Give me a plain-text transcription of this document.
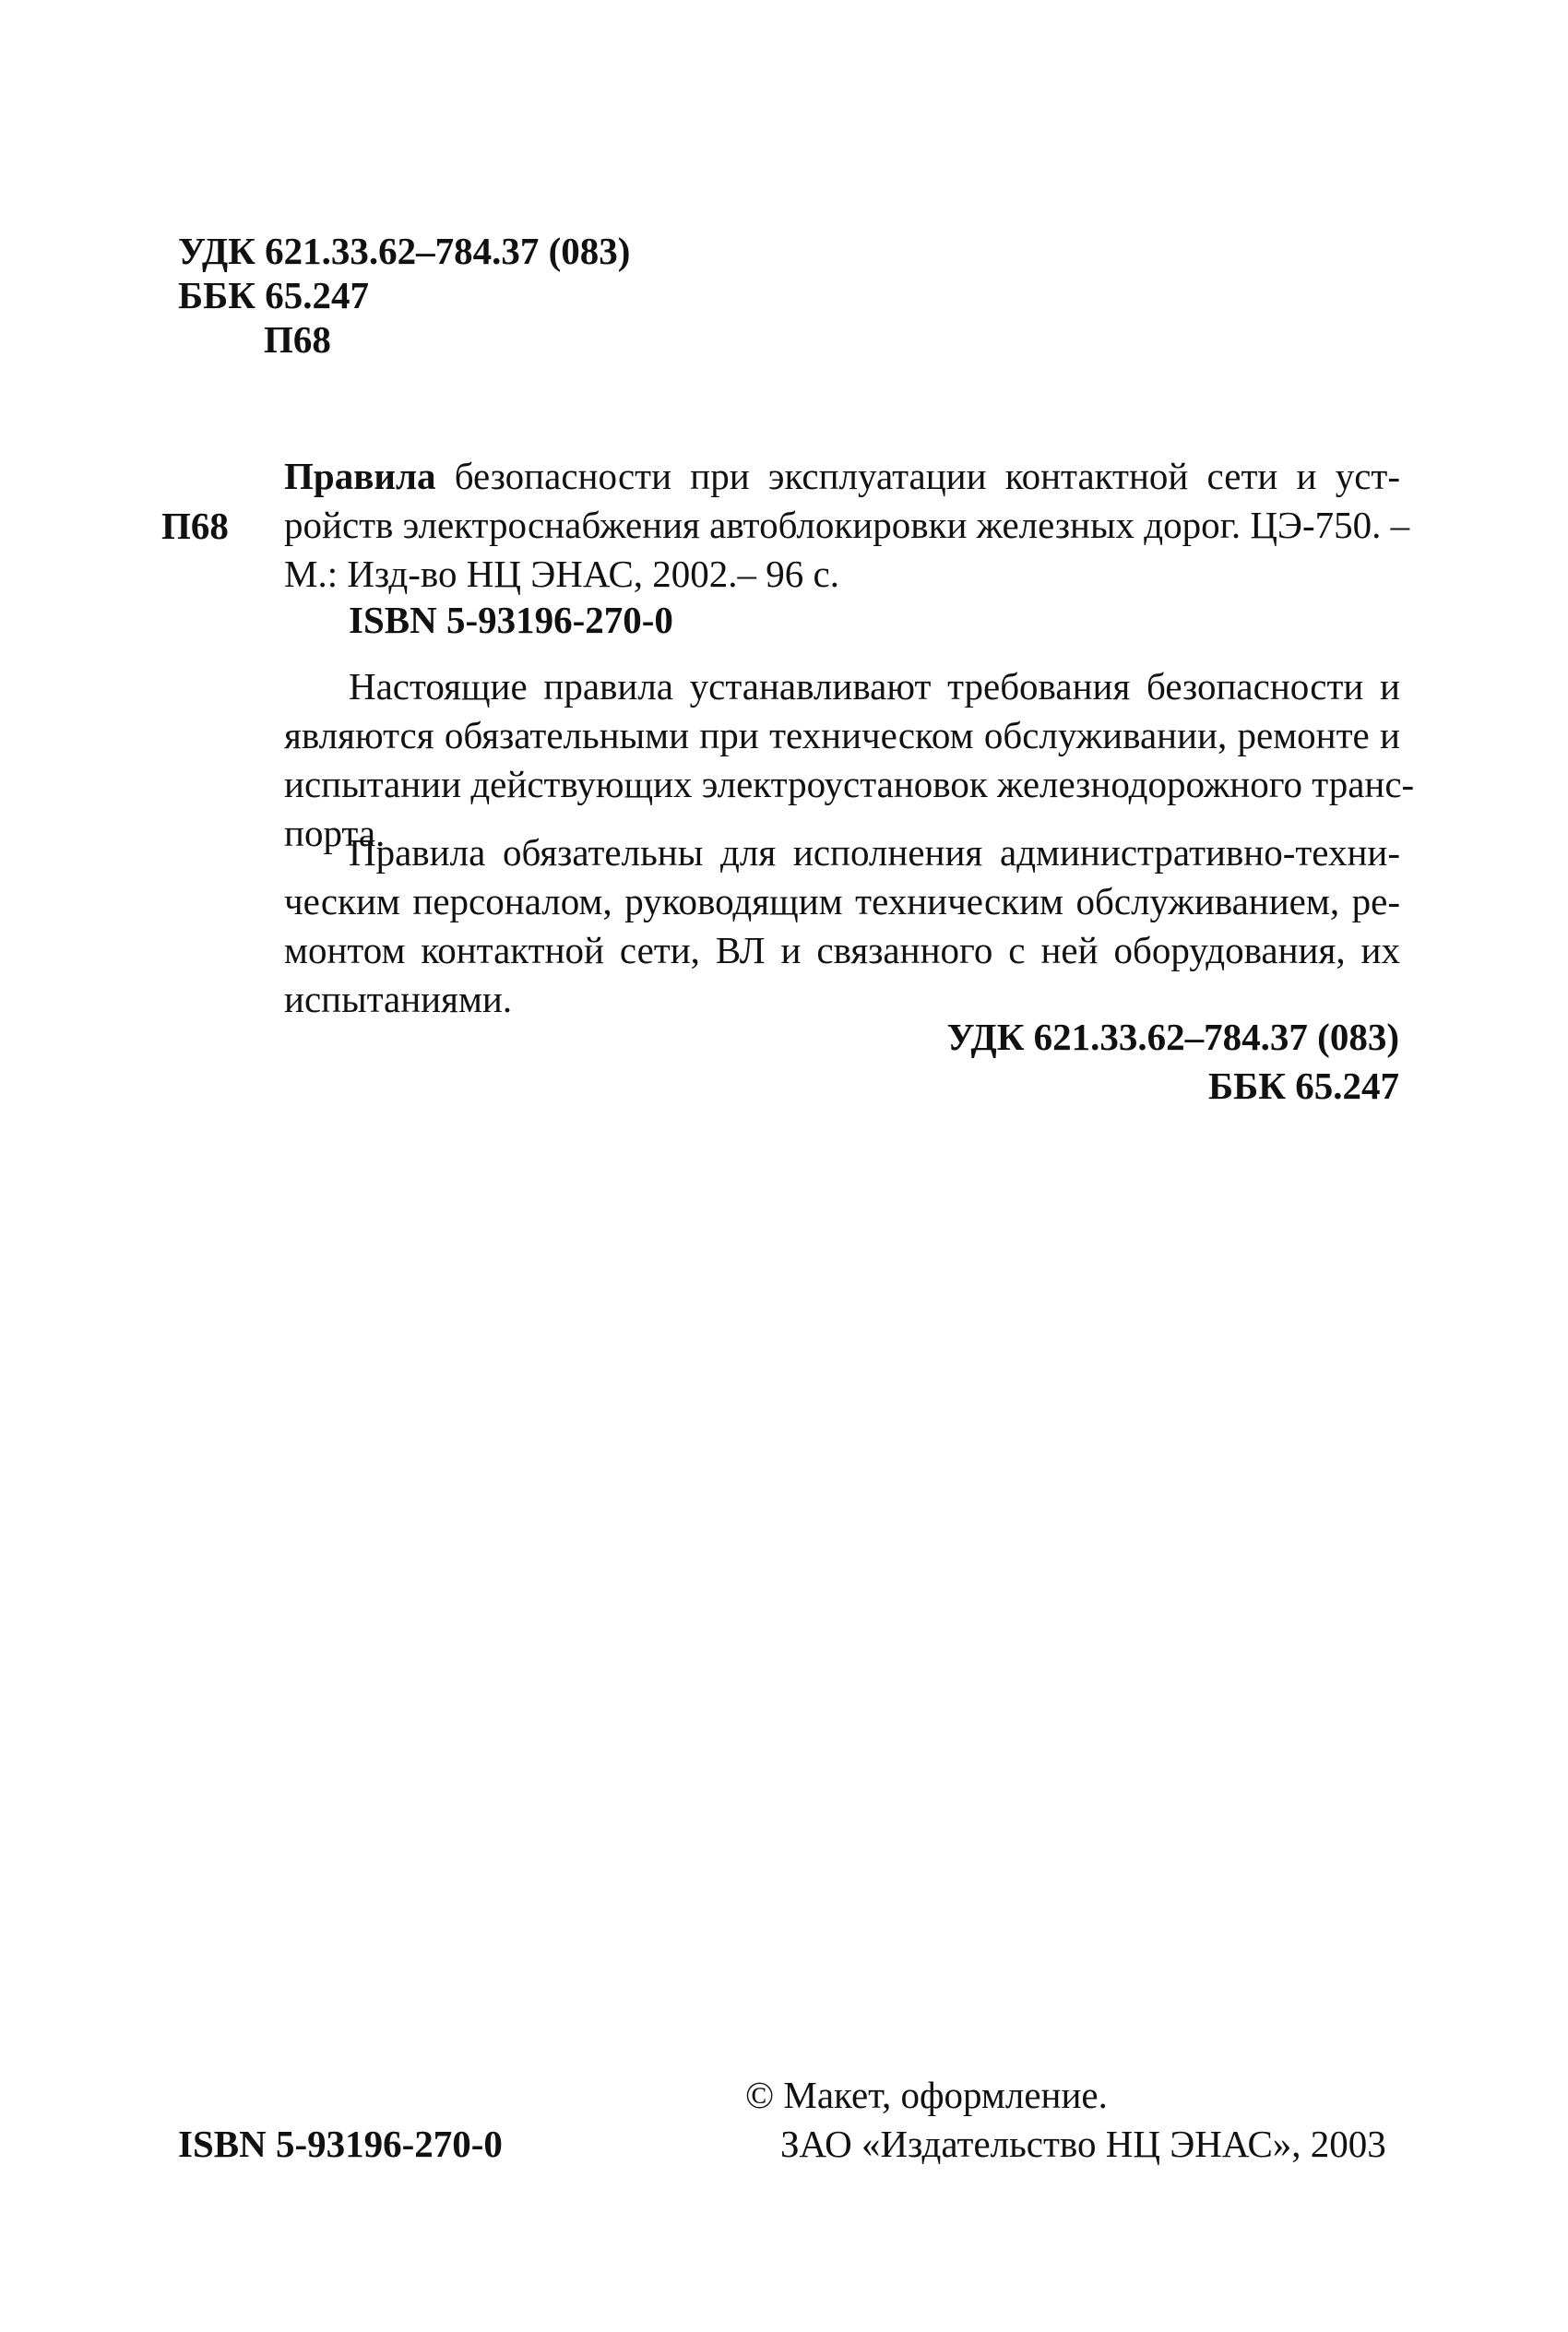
УДК 621.33.62–784.37 (083)
ББК 65.247
П68
П68
Правила безопасности при эксплуатации контактной сети и уст-
ройств электроснабжения автоблокировки железных дорог. ЦЭ-750. –
М.: Изд-во НЦ ЭНАС, 2002.– 96 с.
ISBN 5-93196-270-0
Настоящие правила устанавливают требования безопасности и
являются обязательными при техническом обслуживании, ремонте и
испытании действующих электроустановок железнодорожного транс-
порта.
Правила обязательны для исполнения административно-техни-
ческим персоналом, руководящим техническим обслуживанием, ре-
монтом контактной сети, ВЛ и связанного с ней оборудования, их
испытаниями.
УДК 621.33.62–784.37 (083)
ББК 65.247
ISBN 5-93196-270-0
© Макет, оформление.
ЗАО «Издательство НЦ ЭНАС», 2003
